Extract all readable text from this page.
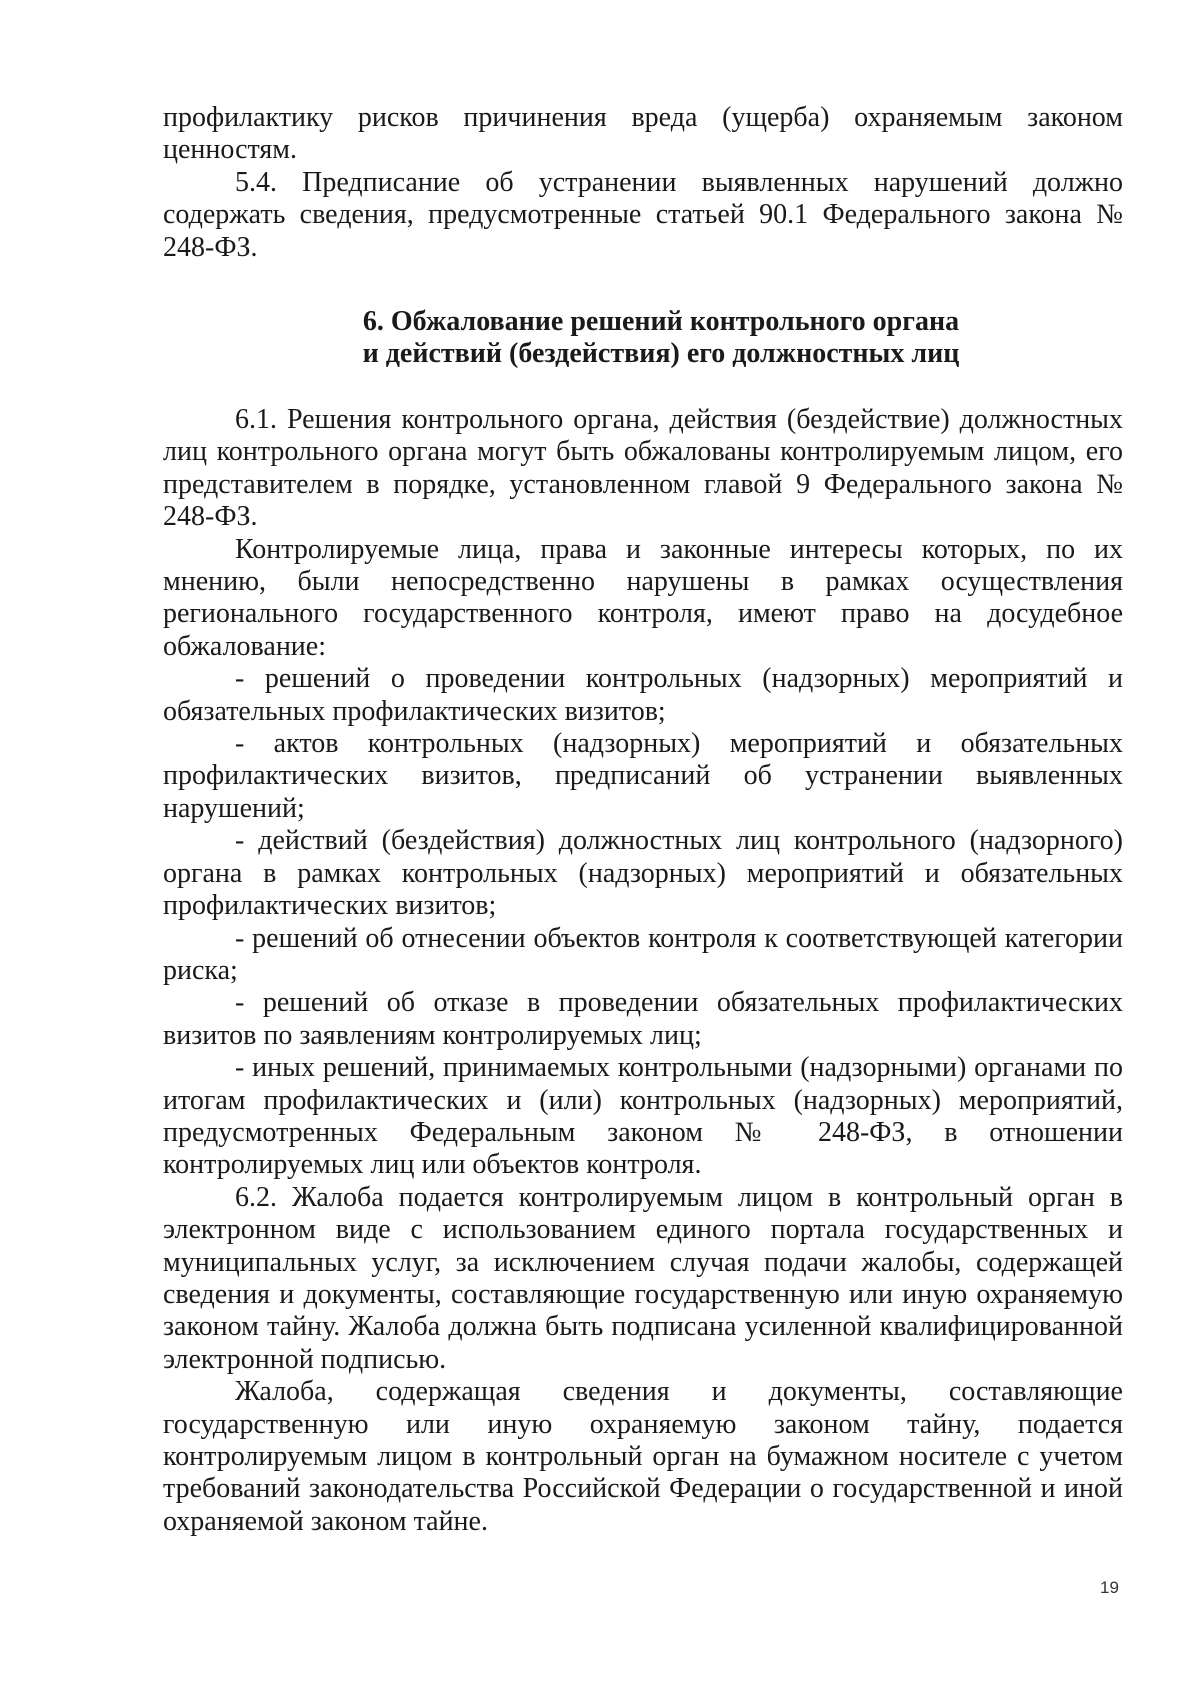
профилактику рисков причинения вреда (ущерба) охраняемым законом ценностям.

5.4. Предписание об устранении выявленных нарушений должно содержать сведения, предусмотренные статьей 90.1 Федерального закона № 248-ФЗ.

6. Обжалование решений контрольного органа
и действий (бездействия) его должностных лиц

6.1. Решения контрольного органа, действия (бездействие) должностных лиц контрольного органа могут быть обжалованы контролируемым лицом, его представителем в порядке, установленном главой 9 Федерального закона № 248-ФЗ.

Контролируемые лица, права и законные интересы которых, по их мнению, были непосредственно нарушены в рамках осуществления регионального государственного контроля, имеют право на досудебное обжалование:

- решений о проведении контрольных (надзорных) мероприятий и обязательных профилактических визитов;

- актов контрольных (надзорных) мероприятий и обязательных профилактических визитов, предписаний об устранении выявленных нарушений;

- действий (бездействия) должностных лиц контрольного (надзорного) органа в рамках контрольных (надзорных) мероприятий и обязательных профилактических визитов;

- решений об отнесении объектов контроля к соответствующей категории риска;

- решений об отказе в проведении обязательных профилактических визитов по заявлениям контролируемых лиц;

- иных решений, принимаемых контрольными (надзорными) органами по итогам профилактических и (или) контрольных (надзорных) мероприятий, предусмотренных Федеральным законом № 248-ФЗ, в отношении контролируемых лиц или объектов контроля.

6.2. Жалоба подается контролируемым лицом в контрольный орган в электронном виде с использованием единого портала государственных и муниципальных услуг, за исключением случая подачи жалобы, содержащей сведения и документы, составляющие государственную или иную охраняемую законом тайну. Жалоба должна быть подписана усиленной квалифицированной электронной подписью.

Жалоба, содержащая сведения и документы, составляющие государственную или иную охраняемую законом тайну, подается контролируемым лицом в контрольный орган на бумажном носителе с учетом требований законодательства Российской Федерации о государственной и иной охраняемой законом тайне.

19
